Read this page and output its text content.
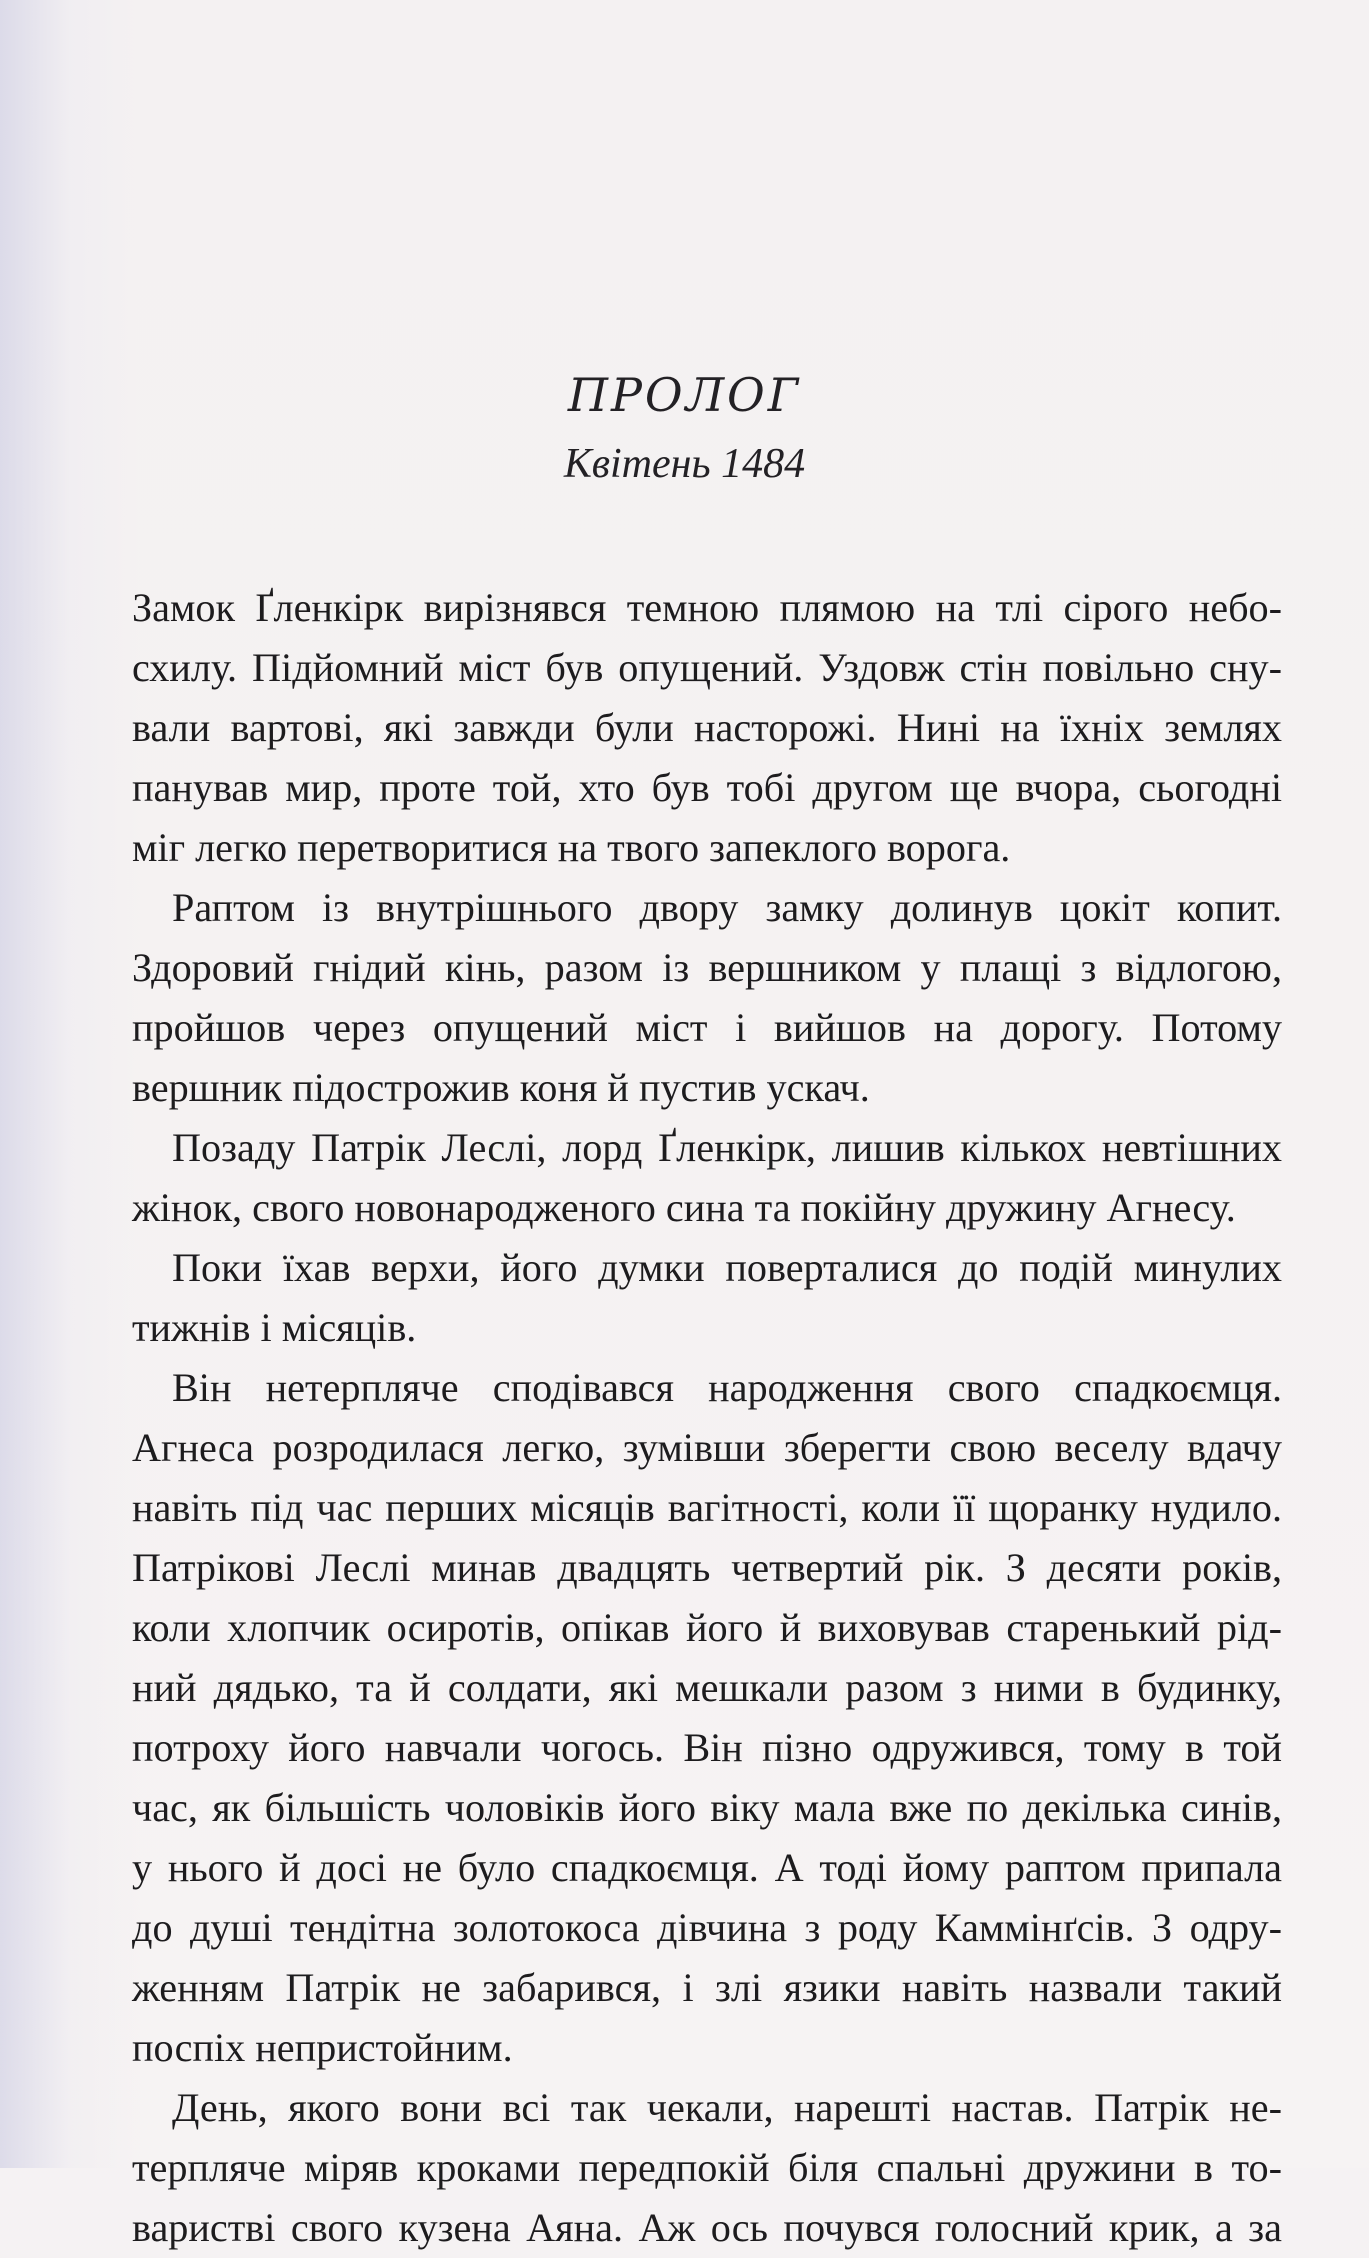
ПРОЛОГ
Квітень 1484
Замок Ґленкірк вирізнявся темною плямою на тлі сірого небо-
схилу. Підйомний міст був опущений. Уздовж стін повільно сну-
вали вартові, які завжди були насторожі. Нині на їхніх землях
панував мир, проте той, хто був тобі другом ще вчора, сьогодні
міг легко перетворитися на твого запеклого ворога.
Раптом із внутрішнього двору замку долинув цокіт копит.
Здоровий гнідий кінь, разом із вершником у плащі з відлогою,
пройшов через опущений міст і вийшов на дорогу. Потому
вершник підострожив коня й пустив ускач.
Позаду Патрік Леслі, лорд Ґленкірк, лишив кількох невтішних
жінок, свого новонародженого сина та покійну дружину Агнесу.
Поки їхав верхи, його думки поверталися до подій минулих
тижнів і місяців.
Він нетерпляче сподівався народження свого спадкоємця.
Агнеса розродилася легко, зумівши зберегти свою веселу вдачу
навіть під час перших місяців вагітності, коли її щоранку нудило.
Патрікові Леслі минав двадцять четвертий рік. З десяти років,
коли хлопчик осиротів, опікав його й виховував старенький рід-
ний дядько, та й солдати, які мешкали разом з ними в будинку,
потроху його навчали чогось. Він пізно одружився, тому в той
час, як більшість чоловіків його віку мала вже по декілька синів,
у нього й досі не було спадкоємця. А тоді йому раптом припала
до душі тендітна золотокоса дівчина з роду Каммінґсів. З одру-
женням Патрік не забарився, і злі язики навіть назвали такий
поспіх непристойним.
День, якого вони всі так чекали, нарешті настав. Патрік не-
терпляче міряв кроками передпокій біля спальні дружини в то-
варистві свого кузена Аяна. Аж ось почувся голосний крик, а за
